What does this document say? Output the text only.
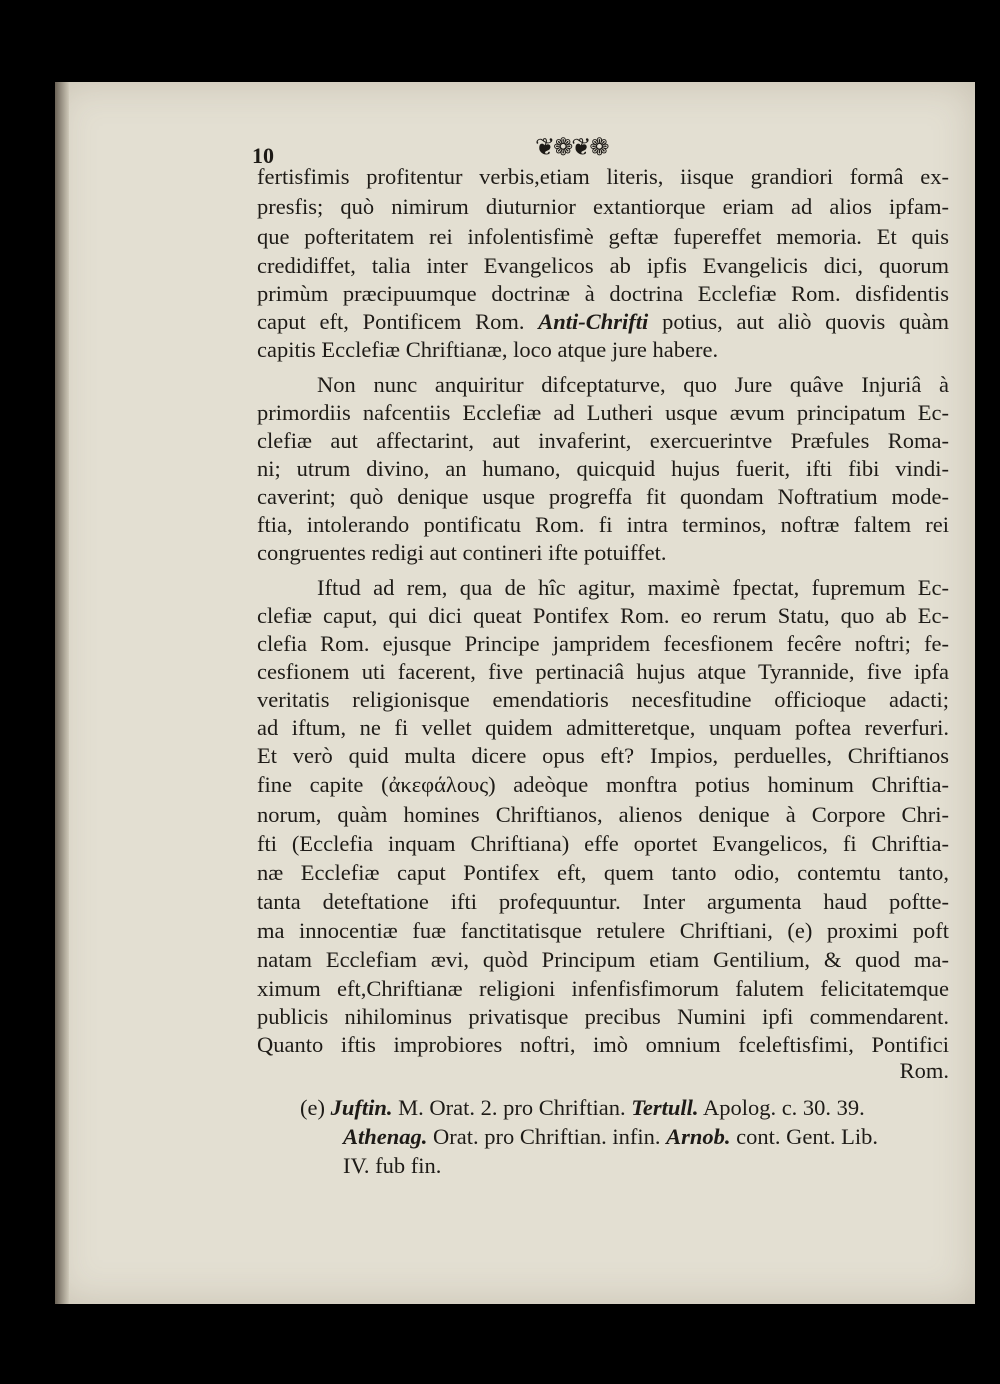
10	❦❁❦❁
fertisfimis profitentur verbis,etiam literis, iisque grandiori formâ ex-
presfis; quò nimirum diuturnior extantiorque eriam ad alios ipfam-
que pofteritatem rei infolentisfimè geftæ fupereffet memoria. Et quis
credidiffet, talia inter Evangelicos ab ipfis Evangelicis dici, quorum
primùm præcipuumque doctrinæ à doctrina Ecclefiæ Rom. disfidentis
caput eft, Pontificem Rom. Anti-Chrifti potius, aut aliò quovis quàm
capitis Ecclefiæ Chriftianæ, loco atque jure habere.
Non nunc anquiritur difceptaturve, quo Jure quâve Injuriâ à
primordiis nafcentiis Ecclefiæ ad Lutheri usque ævum principatum Ec-
clefiæ aut affectarint, aut invaferint, exercuerintve Præfules Roma-
ni; utrum divino, an humano, quicquid hujus fuerit, ifti fibi vindi-
caverint; quò denique usque progreffa fit quondam Noftratium mode-
ftia, intolerando pontificatu Rom. fi intra terminos, noftræ faltem rei
congruentes redigi aut contineri ifte potuiffet.
Iftud ad rem, qua de hîc agitur, maximè fpectat, fupremum Ec-
clefiæ caput, qui dici queat Pontifex Rom. eo rerum Statu, quo ab Ec-
clefia Rom. ejusque Principe jampridem fecesfionem fecêre noftri; fe-
cesfionem uti facerent, five pertinaciâ hujus atque Tyrannide, five ipfa
veritatis religionisque emendatioris necesfitudine officioque adacti;
ad iftum, ne fi vellet quidem admitteretque, unquam poftea reverfuri.
Et verò quid multa dicere opus eft? Impios, perduelles, Chriftianos
fine capite (ἀκεφάλους) adeòque monftra potius hominum Chriftia-
norum, quàm homines Chriftianos, alienos denique à Corpore Chri-
fti (Ecclefia inquam Chriftiana) effe oportet Evangelicos, fi Chriftia-
næ Ecclefiæ caput Pontifex eft, quem tanto odio, contemtu tanto,
tanta deteftatione ifti profequuntur. Inter argumenta haud poftte-
ma innocentiæ fuæ fanctitatisque retulere Chriftiani, (e) proximi poft
natam Ecclefiam ævi, quòd Principum etiam Gentilium, & quod ma-
ximum eft,Chriftianæ religioni infenfisfimorum falutem felicitatemque
publicis nihilominus privatisque precibus Numini ipfi commendarent.
Quanto iftis improbiores noftri, imò omnium fceleftisfimi, Pontifici
Rom.
(e) Juftin. M. Orat. 2. pro Chriftian. Tertull. Apolog. c. 30. 39.
Athenag. Orat. pro Chriftian. infin. Arnob. cont. Gent. Lib.
IV. fub fin.
